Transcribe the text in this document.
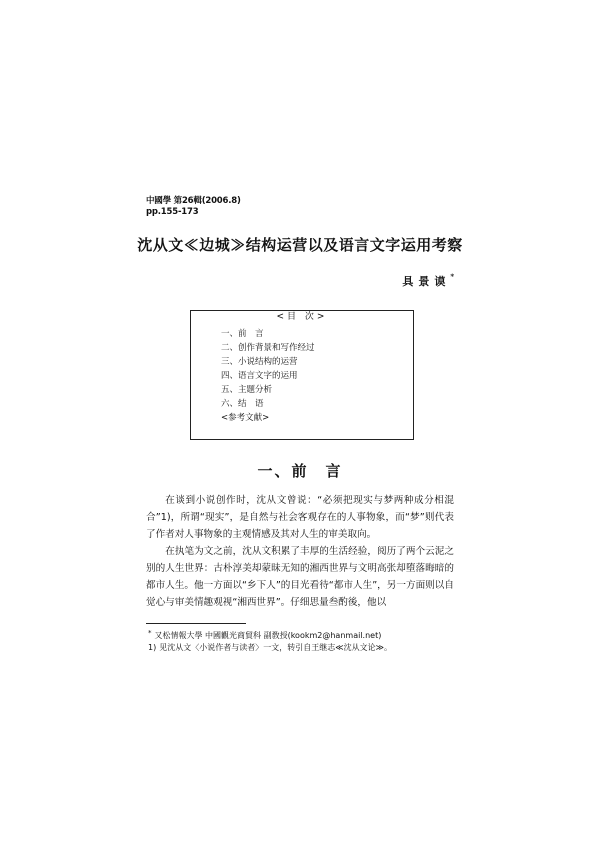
中國學 第26輯(2006.8)
pp.155-173
沈从文≪边城≫结构运营以及语言文字运用考察
具景谟*
<目 次>
一、前　言
二、创作背景和写作经过
三、小说结构的运营
四、语言文字的运用
五、主题分析
六、结　语
<参考文献>
一、前　言

在谈到小说创作时，沈从文曾说：“必须把现实与梦两种成分相混合”1)，所谓“现实”，是自然与社会客观存在的人事物象，而“梦”则代表了作者对人事物象的主观情感及其对人生的审美取向。

在执笔为文之前，沈从文积累了丰厚的生活经验，阅历了两个云泥之别的人生世界：古朴淳美却蒙昧无知的湘西世界与文明高张却堕落晦暗的都市人生。他一方面以“乡下人”的目光看待“都市人生”，另一方面则以自觉心与审美情趣观视“湘西世界”。仔细思量叁酌後，他以

* 又松情報大學 中國觀光商貿科 副敎授(kookm2@hanmail.net)
1) 见沈从文〈小说作者与读者〉一文，转引自王继志≪沈从文论≫。
